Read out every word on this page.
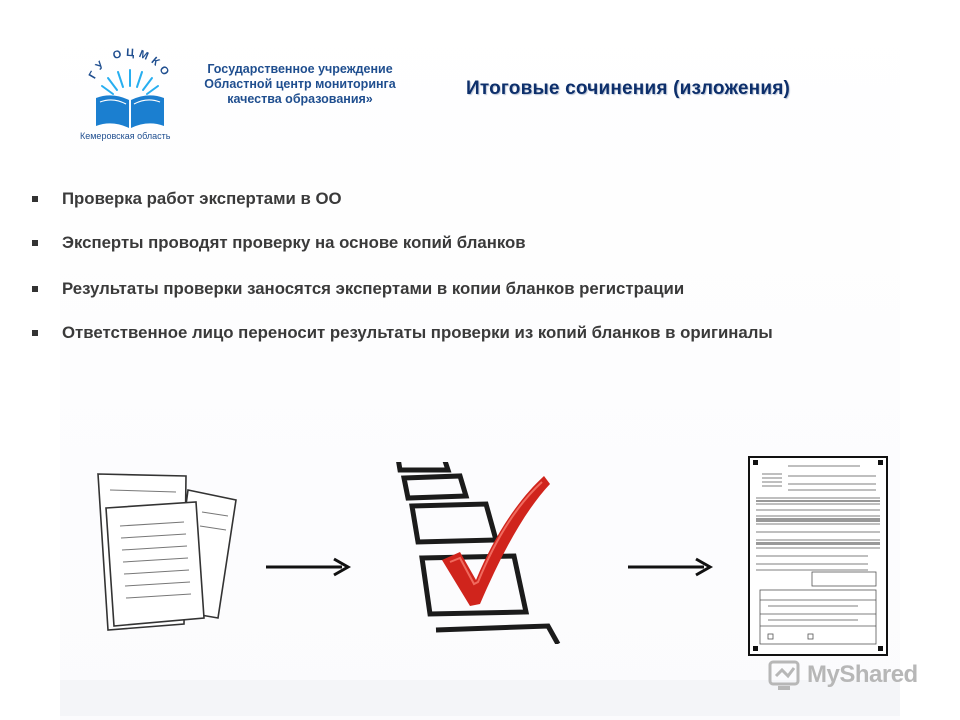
ГУ ОЦМКО
Кемеровская область
Государственное учреждение
Областной центр мониторинга
качества образования»	Итоговые сочинения (изложения)
Проверка работ экспертами в ОО
Эксперты проводят проверку на основе копий бланков
Результаты проверки заносятся экспертами в копии бланков регистрации
Ответственное лицо переносит результаты проверки из копий бланков в оригиналы
MyShared
